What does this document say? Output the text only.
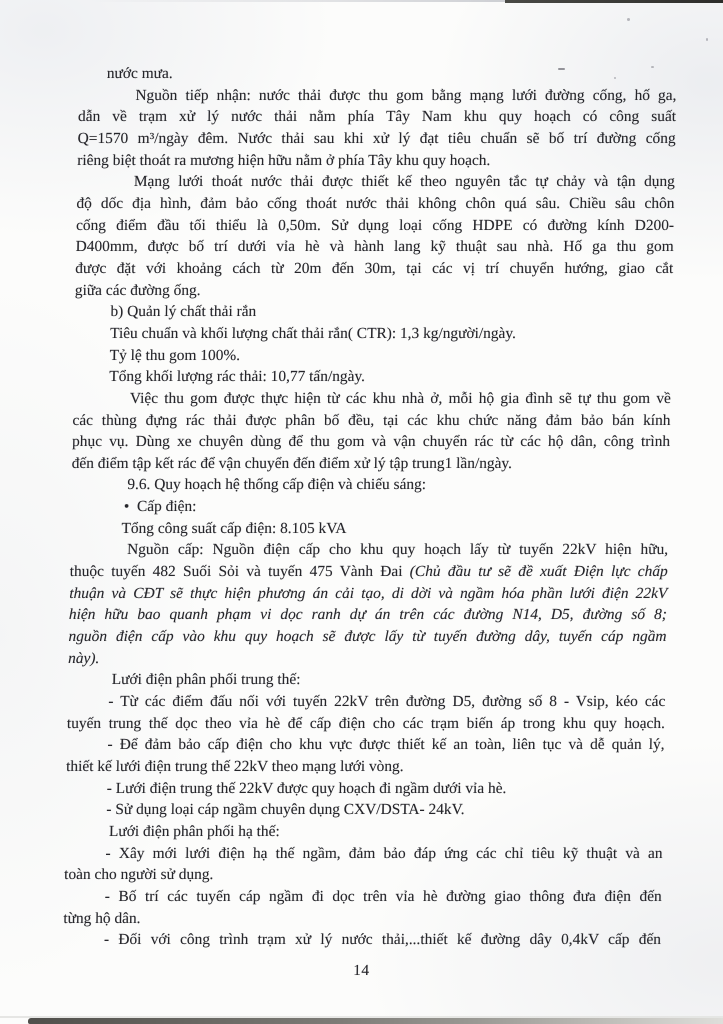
nước mưa.
Nguồn tiếp nhận: nước thải được thu gom bằng mạng lưới đường cống, hố ga,
dẫn về trạm xử lý nước thải nằm phía Tây Nam khu quy hoạch có công suất
Q=1570 m³/ngày đêm. Nước thải sau khi xử lý đạt tiêu chuẩn sẽ bố trí đường cống
riêng biệt thoát ra mương hiện hữu nằm ở phía Tây khu quy hoạch.
Mạng lưới thoát nước thải được thiết kế theo nguyên tắc tự chảy và tận dụng
độ dốc địa hình, đảm bảo cống thoát nước thải không chôn quá sâu. Chiều sâu chôn
cống điểm đầu tối thiểu là 0,50m. Sử dụng loại cống HDPE có đường kính D200-
D400mm, được bố trí dưới vỉa hè và hành lang kỹ thuật sau nhà. Hố ga thu gom
được đặt với khoảng cách từ 20m đến 30m, tại các vị trí chuyển hướng, giao cắt
giữa các đường ống.
b) Quản lý chất thải rắn
Tiêu chuẩn và khối lượng chất thải rắn( CTR): 1,3 kg/người/ngày.
Tỷ lệ thu gom 100%.
Tổng khối lượng rác thải: 10,77 tấn/ngày.
Việc thu gom được thực hiện từ các khu nhà ở, mỗi hộ gia đình sẽ tự thu gom về
các thùng đựng rác thải được phân bố đều, tại các khu chức năng đảm bảo bán kính
phục vụ. Dùng xe chuyên dùng để thu gom và vận chuyển rác từ các hộ dân, công trình
đến điểm tập kết rác để vận chuyển đến điểm xử lý tập trung1 lần/ngày.
9.6. Quy hoạch hệ thống cấp điện và chiếu sáng:
•  Cấp điện:
Tổng công suất cấp điện: 8.105 kVA
Nguồn cấp: Nguồn điện cấp cho khu quy hoạch lấy từ tuyến 22kV hiện hữu,
thuộc tuyến 482 Suối Sỏi và tuyến 475 Vành Đai (Chủ đầu tư sẽ đề xuất Điện lực chấp
thuận và CĐT sẽ thực hiện phương án cải tạo, di dời và ngầm hóa phần lưới điện 22kV
hiện hữu bao quanh phạm vi dọc ranh dự án trên các đường N14, D5, đường số 8;
nguồn điện cấp vào khu quy hoạch sẽ được lấy từ tuyến đường dây, tuyến cáp ngầm
này).
Lưới điện phân phối trung thế:
- Từ các điểm đấu nối với tuyến 22kV trên đường D5, đường số 8 - Vsip, kéo các
tuyến trung thế dọc theo vỉa hè để cấp điện cho các trạm biến áp trong khu quy hoạch.
- Để đảm bảo cấp điện cho khu vực được thiết kế an toàn, liên tục và dễ quản lý,
thiết kế lưới điện trung thế 22kV theo mạng lưới vòng.
- Lưới điện trung thế 22kV được quy hoạch đi ngầm dưới vỉa hè.
- Sử dụng loại cáp ngầm chuyên dụng CXV/DSTA- 24kV.
Lưới điện phân phối hạ thế:
- Xây mới lưới điện hạ thế ngầm, đảm bảo đáp ứng các chỉ tiêu kỹ thuật và an
toàn cho người sử dụng.
- Bố trí các tuyến cáp ngầm đi dọc trên vỉa hè đường giao thông đưa điện đến
từng hộ dân.
- Đối với công trình trạm xử lý nước thải,...thiết kế đường dây 0,4kV cấp đến
14
